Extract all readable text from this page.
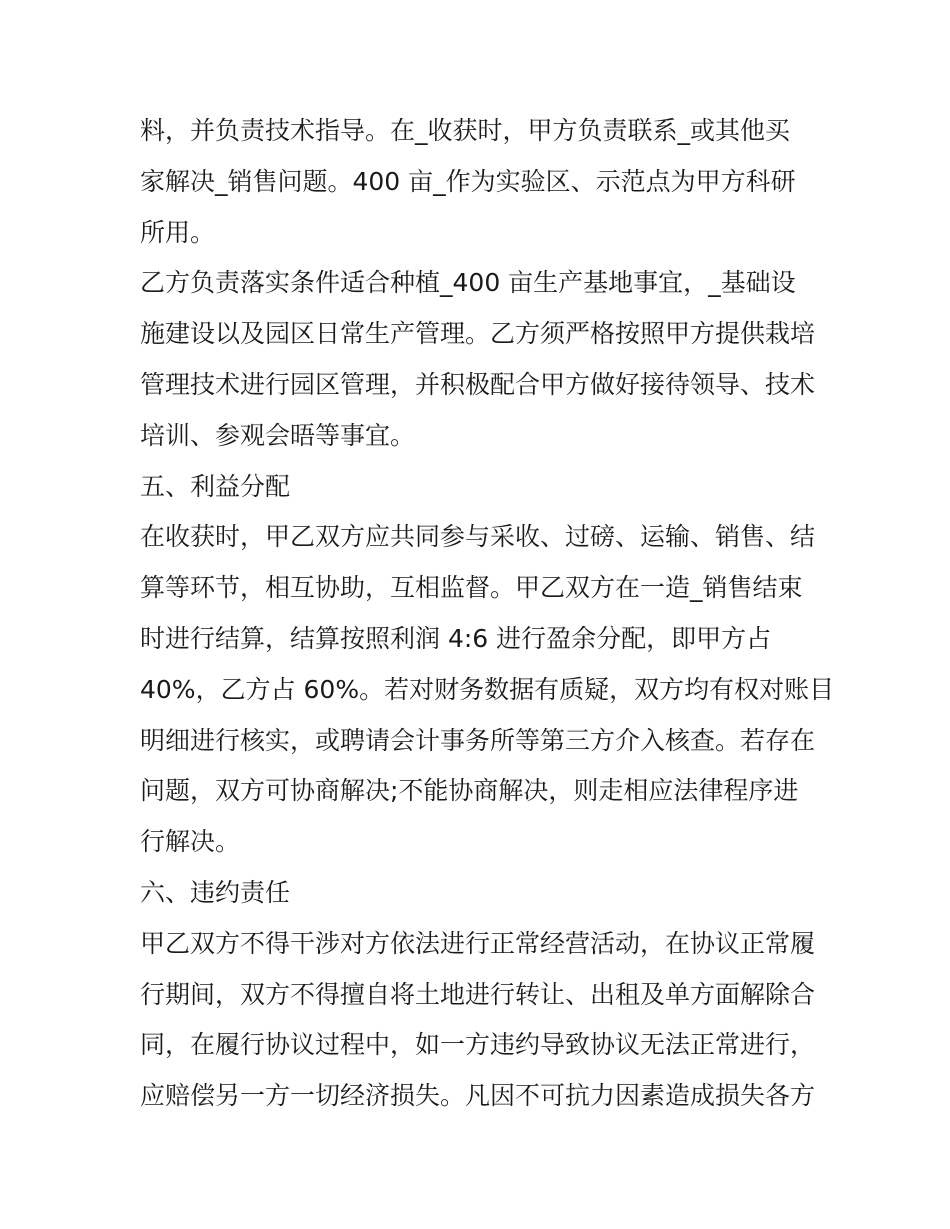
料，并负责技术指导。在_收获时，甲方负责联系_或其他买
家解决_销售问题。400 亩_作为实验区、示范点为甲方科研
所用。
乙方负责落实条件适合种植_400 亩生产基地事宜，_基础设
施建设以及园区日常生产管理。乙方须严格按照甲方提供栽培
管理技术进行园区管理，并积极配合甲方做好接待领导、技术
培训、参观会晤等事宜。
五、利益分配
在收获时，甲乙双方应共同参与采收、过磅、运输、销售、结
算等环节，相互协助，互相监督。甲乙双方在一造_销售结束
时进行结算，结算按照利润 4:6 进行盈余分配，即甲方占
40%，乙方占 60%。若对财务数据有质疑，双方均有权对账目
明细进行核实，或聘请会计事务所等第三方介入核查。若存在
问题，双方可协商解决;不能协商解决，则走相应法律程序进
行解决。
六、违约责任
甲乙双方不得干涉对方依法进行正常经营活动，在协议正常履
行期间，双方不得擅自将土地进行转让、出租及单方面解除合
同，在履行协议过程中，如一方违约导致协议无法正常进行，
应赔偿另一方一切经济损失。凡因不可抗力因素造成损失各方
